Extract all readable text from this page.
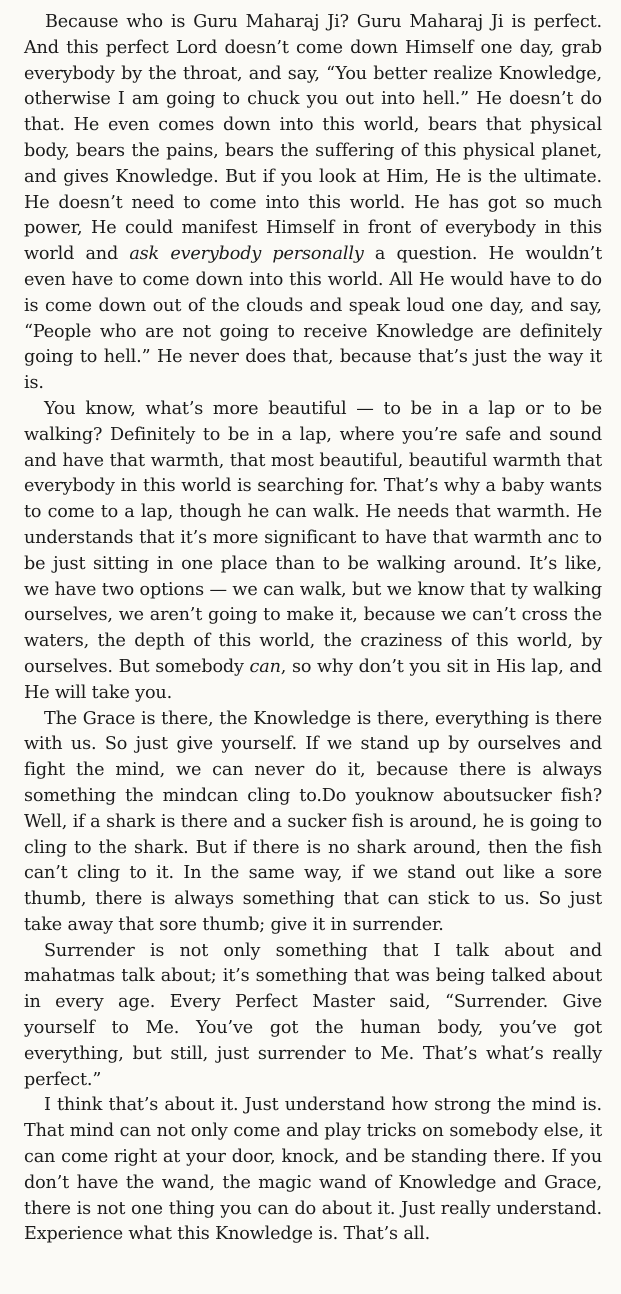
Because who is Guru Maharaj Ji? Guru Maharaj Ji is perfect. And this perfect Lord doesn’t come down Himself one day, grab everybody by the throat, and say, “You better realize Knowledge, otherwise I am going to chuck you out into hell.” He doesn’t do that. He even comes down into this world, bears that physical body, bears the pains, bears the suffering of this physical planet, and gives Knowledge. But if you look at Him, He is the ultimate. He doesn’t need to come into this world. He has got so much power, He could manifest Himself in front of everybody in this world and ask everybody personally a question. He wouldn’t even have to come down into this world. All He would have to do is come down out of the clouds and speak loud one day, and say, “People who are not going to receive Knowledge are definitely going to hell.” He never does that, because that’s just the way it is.

You know, what’s more beautiful — to be in a lap or to be walking? Definitely to be in a lap, where you’re safe and sound and have that warmth, that most beautiful, beautiful warmth that everybody in this world is searching for. That’s why a baby wants to come to a lap, though he can walk. He needs that warmth. He understands that it’s more significant to have that warmth anc to be just sitting in one place than to be walking around. It’s like, we have two options — we can walk, but we know that ty walking ourselves, we aren’t going to make it, because we can’t cross the waters, the depth of this world, the craziness of this world, by ourselves. But somebody can, so why don’t you sit in His lap, and He will take you.

The Grace is there, the Knowledge is there, everything is there with us. So just give yourself. If we stand up by ourselves and fight the mind, we can never do it, because there is always something the mindcan cling to.Do youknow aboutsucker fish? Well, if a shark is there and a sucker fish is around, he is going to cling to the shark. But if there is no shark around, then the fish can’t cling to it. In the same way, if we stand out like a sore thumb, there is always something that can stick to us. So just take away that sore thumb; give it in surrender.

Surrender is not only something that I talk about and mahatmas talk about; it’s something that was being talked about in every age. Every Perfect Master said, “Surrender. Give yourself to Me. You’ve got the human body, you’ve got everything, but still, just surrender to Me. That’s what’s really perfect.”

I think that’s about it. Just understand how strong the mind is. That mind can not only come and play tricks on somebody else, it can come right at your door, knock, and be standing there. If you don’t have the wand, the magic wand of Knowledge and Grace, there is not one thing you can do about it. Just really understand. Experience what this Knowledge is. That’s all.
